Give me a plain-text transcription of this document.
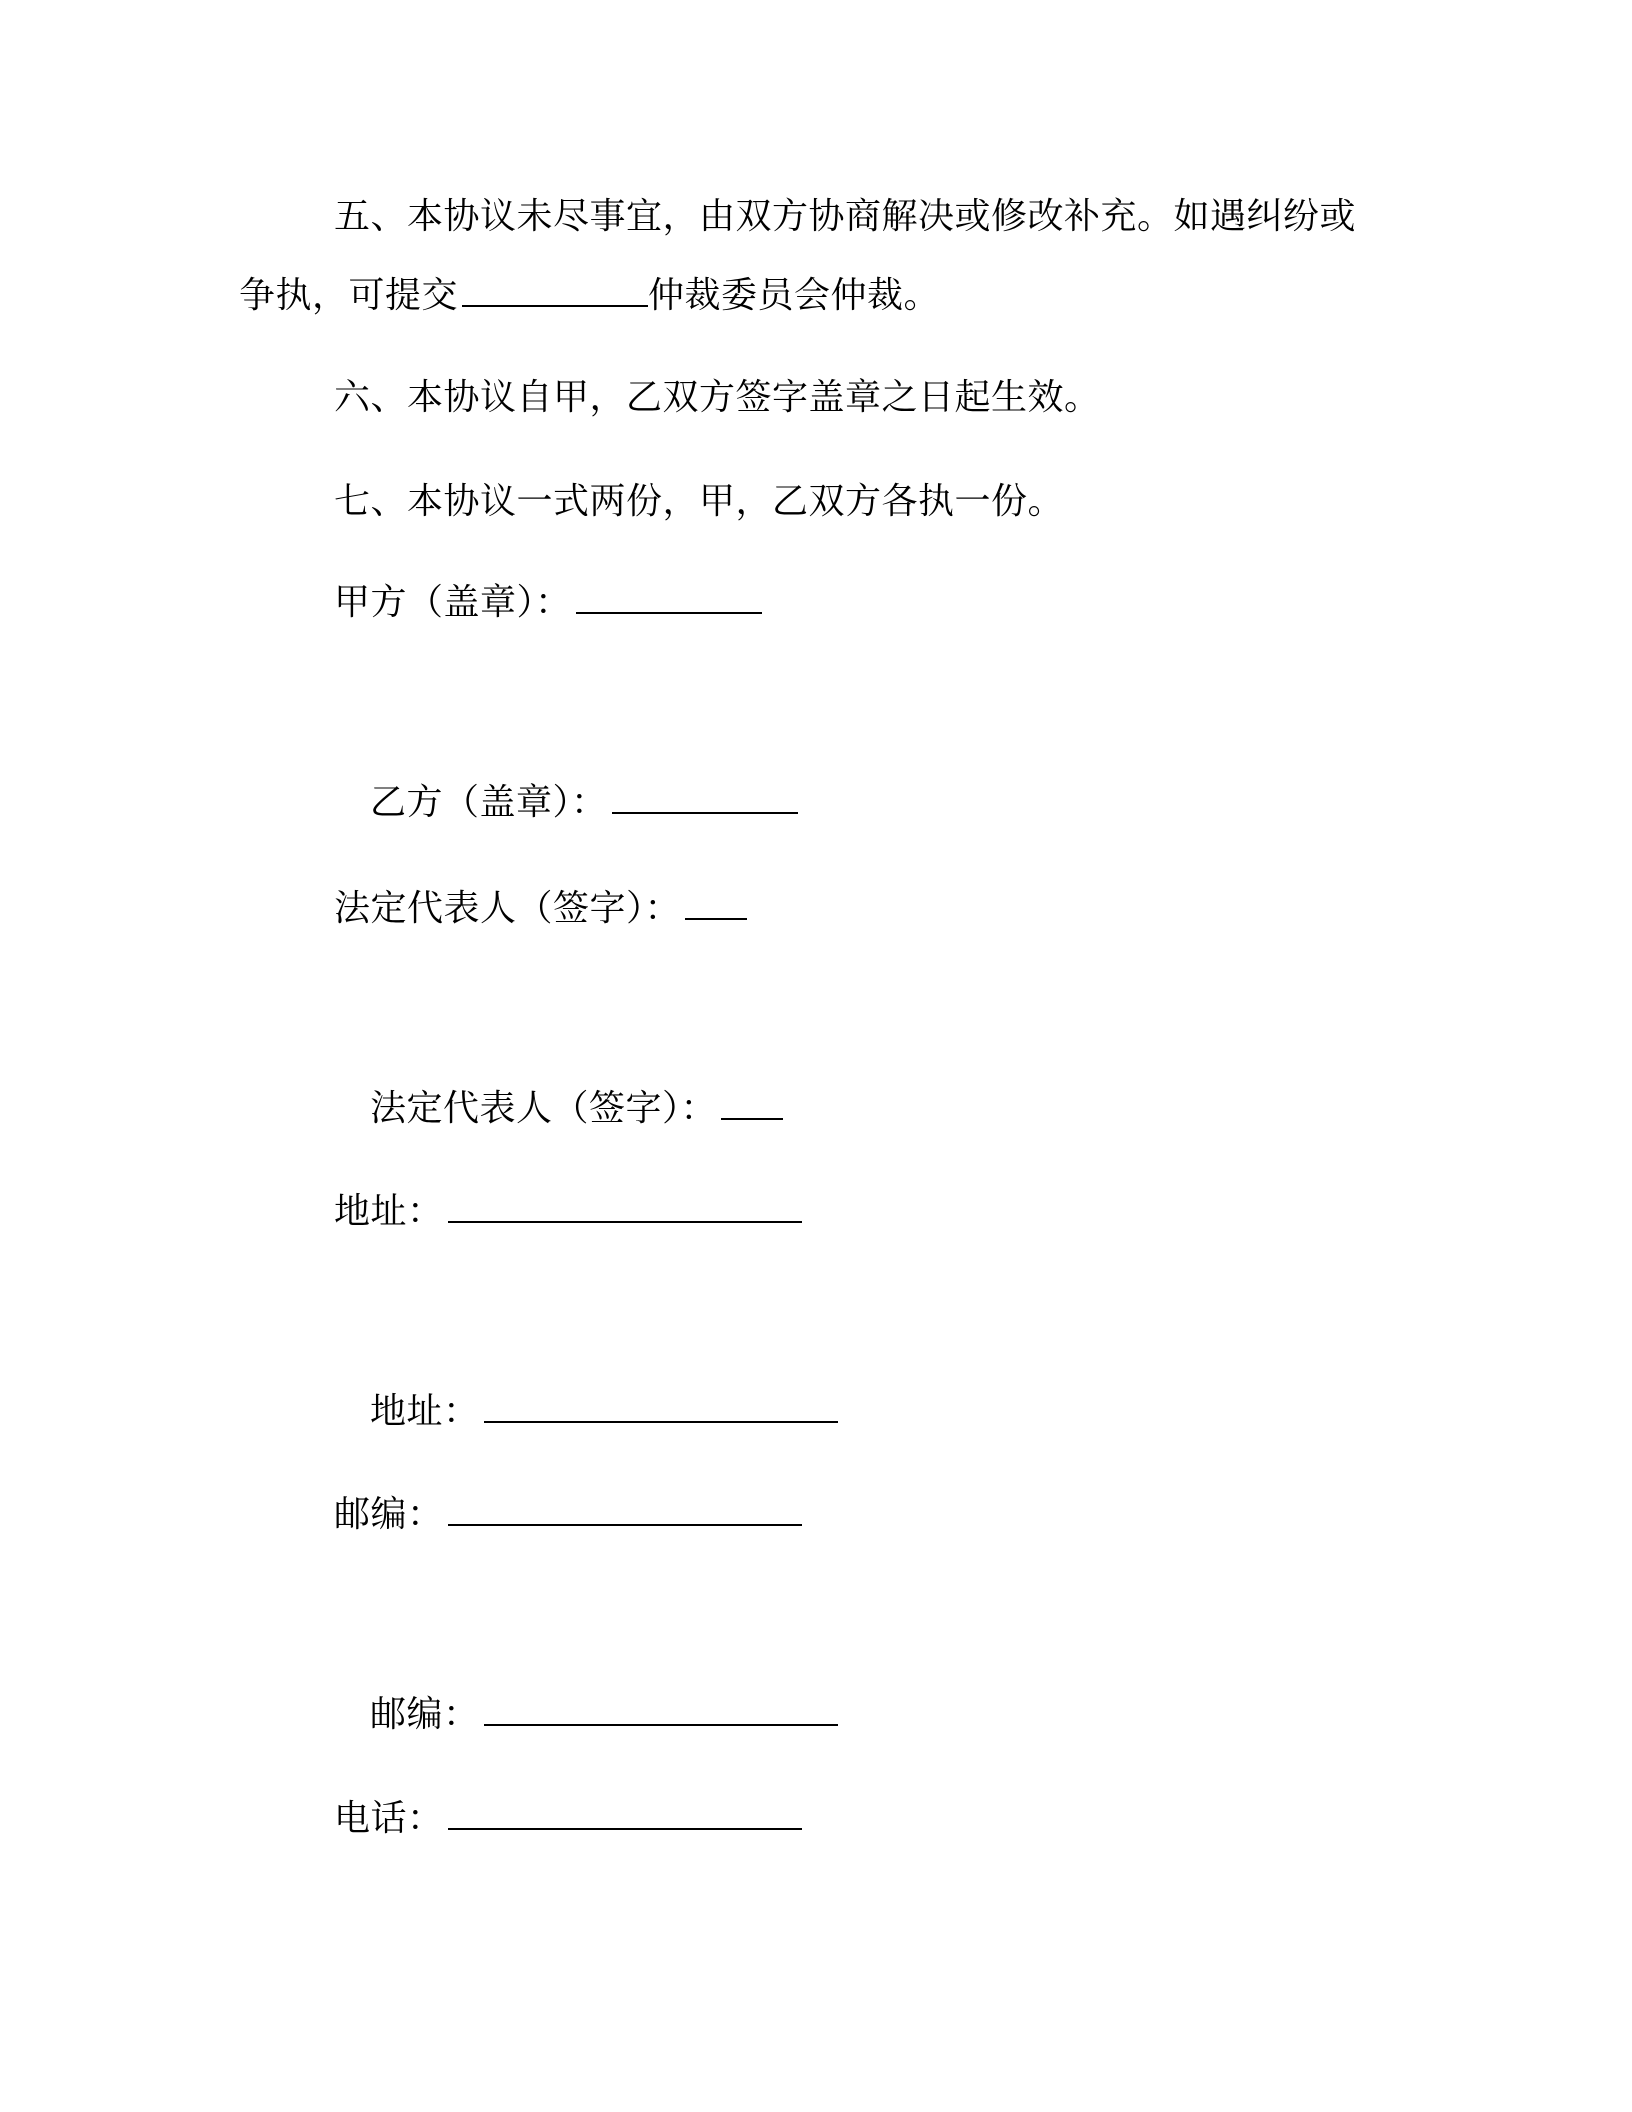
五、本协议未尽事宜，由双方协商解决或修改补充。如遇纠纷或
争执，可提交	仲裁委员会仲裁。
六、本协议自甲，乙双方签字盖章之日起生效。
七、本协议一式两份，甲，乙双方各执一份。
甲方（盖章）：
乙方（盖章）：
法定代表人（签字）：
法定代表人（签字）：
地址：
地址：
邮编：
邮编：
电话：
